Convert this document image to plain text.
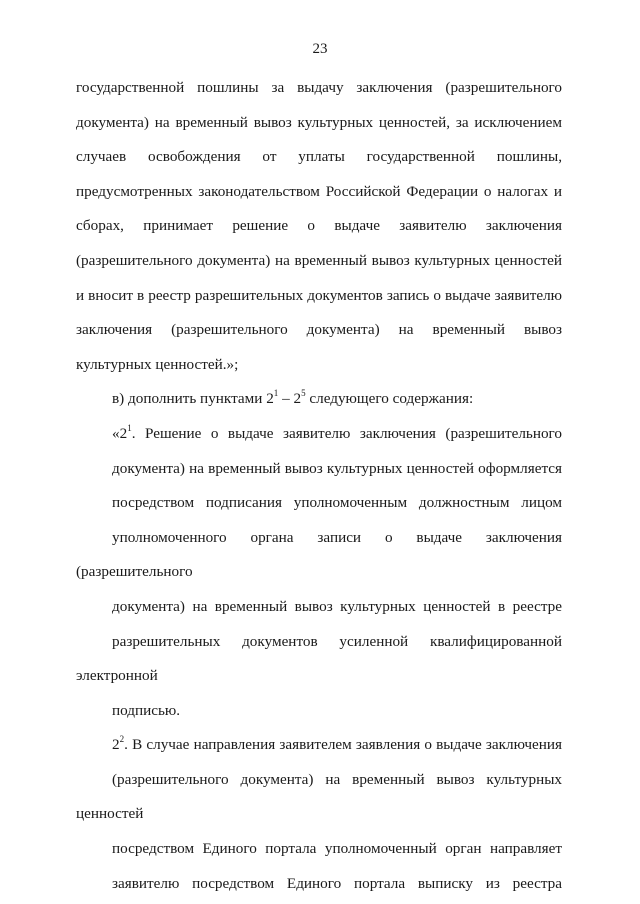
23
государственной пошлины за выдачу заключения (разрешительного
документа) на временный вывоз культурных ценностей, за исключением
случаев освобождения от уплаты государственной пошлины,
предусмотренных законодательством Российской Федерации о налогах и
сборах, принимает решение о выдаче заявителю заключения
(разрешительного документа) на временный вывоз культурных ценностей
и вносит в реестр разрешительных документов запись о выдаче заявителю
заключения (разрешительного документа) на временный вывоз
культурных ценностей.»;
в) дополнить пунктами $2^1 - 2^5$ следующего содержания:
«$2^1$. Решение о выдаче заявителю заключения (разрешительного
документа) на временный вывоз культурных ценностей оформляется
посредством подписания уполномоченным должностным лицом
уполномоченного органа записи о выдаче заключения (разрешительного
документа) на временный вывоз культурных ценностей в реестре
разрешительных документов усиленной квалифицированной электронной
подписью.
$2^2$. В случае направления заявителем заявления о выдаче заключения
(разрешительного документа) на временный вывоз культурных ценностей
посредством Единого портала уполномоченный орган направляет
заявителю посредством Единого портала выписку из реестра
